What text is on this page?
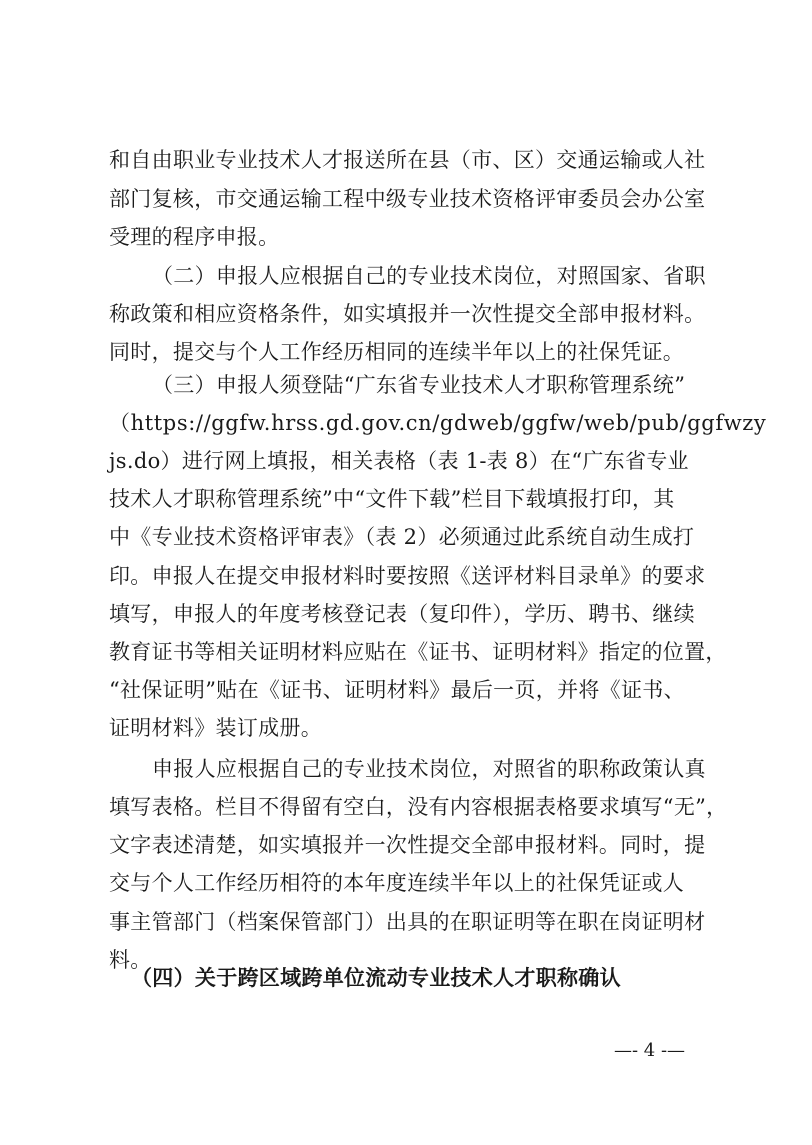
和自由职业专业技术人才报送所在县（市、区）交通运输或人社
部门复核，市交通运输工程中级专业技术资格评审委员会办公室
受理的程序申报。
（二）申报人应根据自己的专业技术岗位，对照国家、省职
称政策和相应资格条件，如实填报并一次性提交全部申报材料。
同时，提交与个人工作经历相同的连续半年以上的社保凭证。
（三）申报人须登陆“广东省专业技术人才职称管理系统”
（https://ggfw.hrss.gd.gov.cn/gdweb/ggfw/web/pub/ggfwzy
js.do）进行网上填报，相关表格（表 1-表 8）在“广东省专业
技术人才职称管理系统”中“文件下载”栏目下载填报打印，其
中《专业技术资格评审表》（表 2）必须通过此系统自动生成打
印。申报人在提交申报材料时要按照《送评材料目录单》的要求
填写，申报人的年度考核登记表（复印件），学历、聘书、继续
教育证书等相关证明材料应贴在《证书、证明材料》指定的位置，
“社保证明”贴在《证书、证明材料》最后一页，并将《证书、
证明材料》装订成册。
申报人应根据自己的专业技术岗位，对照省的职称政策认真
填写表格。栏目不得留有空白，没有内容根据表格要求填写“无”，
文字表述清楚，如实填报并一次性提交全部申报材料。同时，提
交与个人工作经历相符的本年度连续半年以上的社保凭证或人
事主管部门（档案保管部门）出具的在职证明等在职在岗证明材
料。
（四）关于跨区域跨单位流动专业技术人才职称确认
—- 4 -—
